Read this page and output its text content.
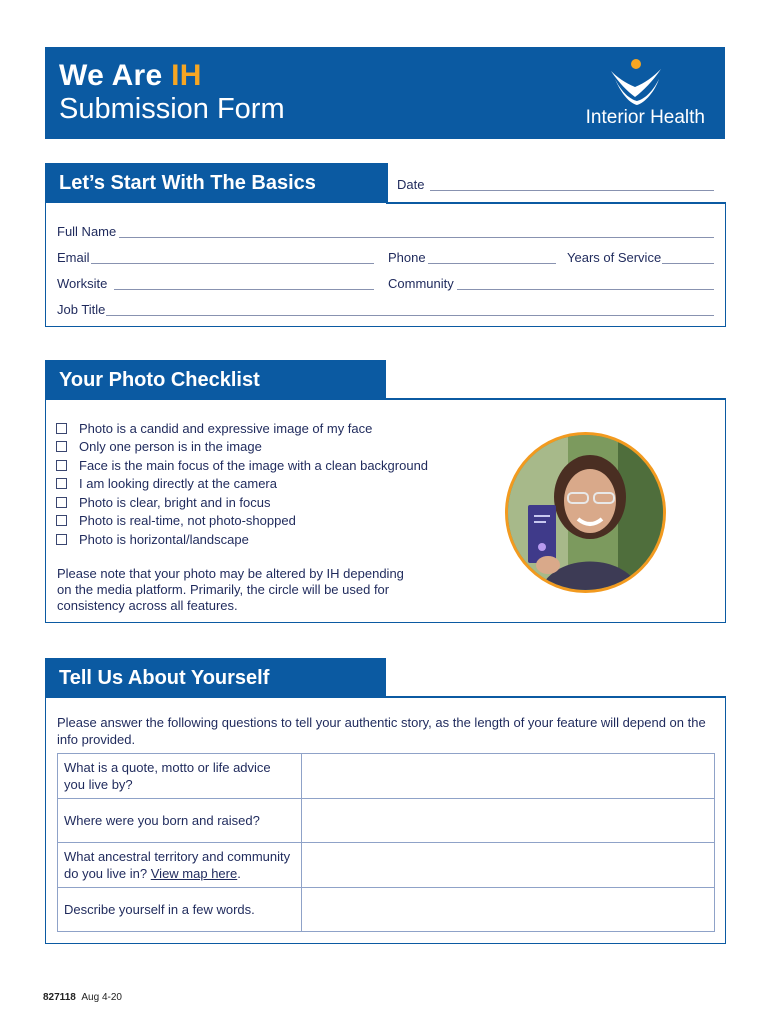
We Are IH
Submission Form	Interior Health
Let’s Start With The Basics	Date
Full Name
Email	Phone	Years of Service
Worksite	Community
Job Title
Your Photo Checklist
Photo is a candid and expressive image of my face
Only one person is in the image
Face is the main focus of the image with a clean background
I am looking directly at the camera
Photo is clear, bright and in focus
Photo is real-time, not photo-shopped
Photo is horizontal/landscape
Please note that your photo may be altered by IH depending on the media platform. Primarily, the circle will be used for consistency across all features.
Tell Us About Yourself
Please answer the following questions to tell your authentic story, as the length of your feature will depend on the info provided.
What is a quote, motto or life advice you live by?	
Where were you born and raised?	
What ancestral territory and community do you live in? View map here.	
Describe yourself in a few words.	
827118 Aug 4-20
